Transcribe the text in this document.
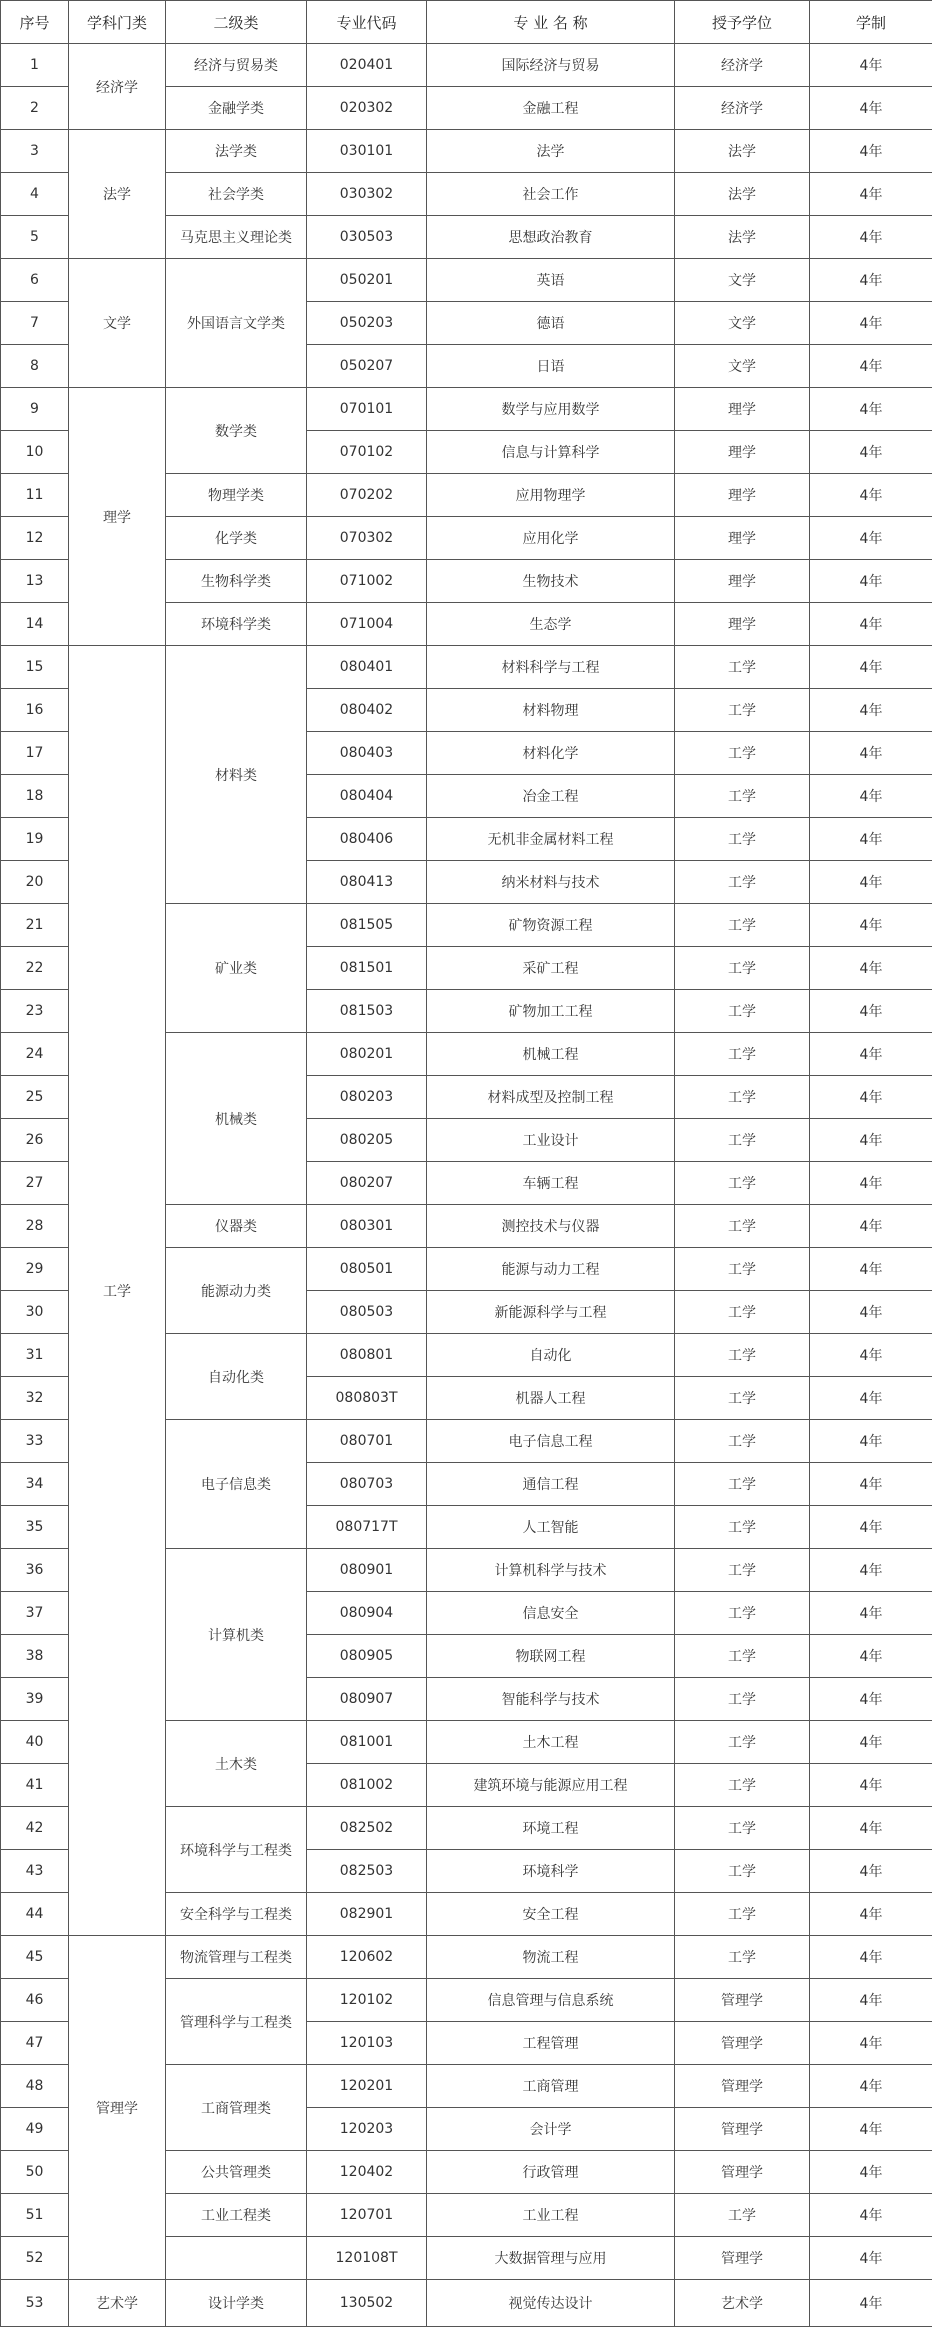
序号	学科门类	二级类	专业代码	专 业 名 称	授予学位	学制
1	经济学	经济与贸易类	020401	国际经济与贸易	经济学	4年
2		金融学类	020302	金融工程	经济学	4年
3	法学	法学类	030101	法学	法学	4年
4		社会学类	030302	社会工作	法学	4年
5		马克思主义理论类	030503	思想政治教育	法学	4年
6	文学	外国语言文学类	050201	英语	文学	4年
7			050203	德语	文学	4年
8			050207	日语	文学	4年
9	理学	数学类	070101	数学与应用数学	理学	4年
10			070102	信息与计算科学	理学	4年
11		物理学类	070202	应用物理学	理学	4年
12		化学类	070302	应用化学	理学	4年
13		生物科学类	071002	生物技术	理学	4年
14		环境科学类	071004	生态学	理学	4年
15	工学	材料类	080401	材料科学与工程	工学	4年
16			080402	材料物理	工学	4年
17			080403	材料化学	工学	4年
18			080404	冶金工程	工学	4年
19			080406	无机非金属材料工程	工学	4年
20			080413	纳米材料与技术	工学	4年
21		矿业类	081505	矿物资源工程	工学	4年
22			081501	采矿工程	工学	4年
23			081503	矿物加工工程	工学	4年
24		机械类	080201	机械工程	工学	4年
25			080203	材料成型及控制工程	工学	4年
26			080205	工业设计	工学	4年
27			080207	车辆工程	工学	4年
28		仪器类	080301	测控技术与仪器	工学	4年
29		能源动力类	080501	能源与动力工程	工学	4年
30			080503	新能源科学与工程	工学	4年
31		自动化类	080801	自动化	工学	4年
32			080803T	机器人工程	工学	4年
33		电子信息类	080701	电子信息工程	工学	4年
34			080703	通信工程	工学	4年
35			080717T	人工智能	工学	4年
36		计算机类	080901	计算机科学与技术	工学	4年
37			080904	信息安全	工学	4年
38			080905	物联网工程	工学	4年
39			080907	智能科学与技术	工学	4年
40		土木类	081001	土木工程	工学	4年
41			081002	建筑环境与能源应用工程	工学	4年
42		环境科学与工程类	082502	环境工程	工学	4年
43			082503	环境科学	工学	4年
44		安全科学与工程类	082901	安全工程	工学	4年
45	管理学	物流管理与工程类	120602	物流工程	工学	4年
46		管理科学与工程类	120102	信息管理与信息系统	管理学	4年
47			120103	工程管理	管理学	4年
48		工商管理类	120201	工商管理	管理学	4年
49			120203	会计学	管理学	4年
50		公共管理类	120402	行政管理	管理学	4年
51		工业工程类	120701	工业工程	工学	4年
52			120108T	大数据管理与应用	管理学	4年
53	艺术学	设计学类	130502	视觉传达设计	艺术学	4年
